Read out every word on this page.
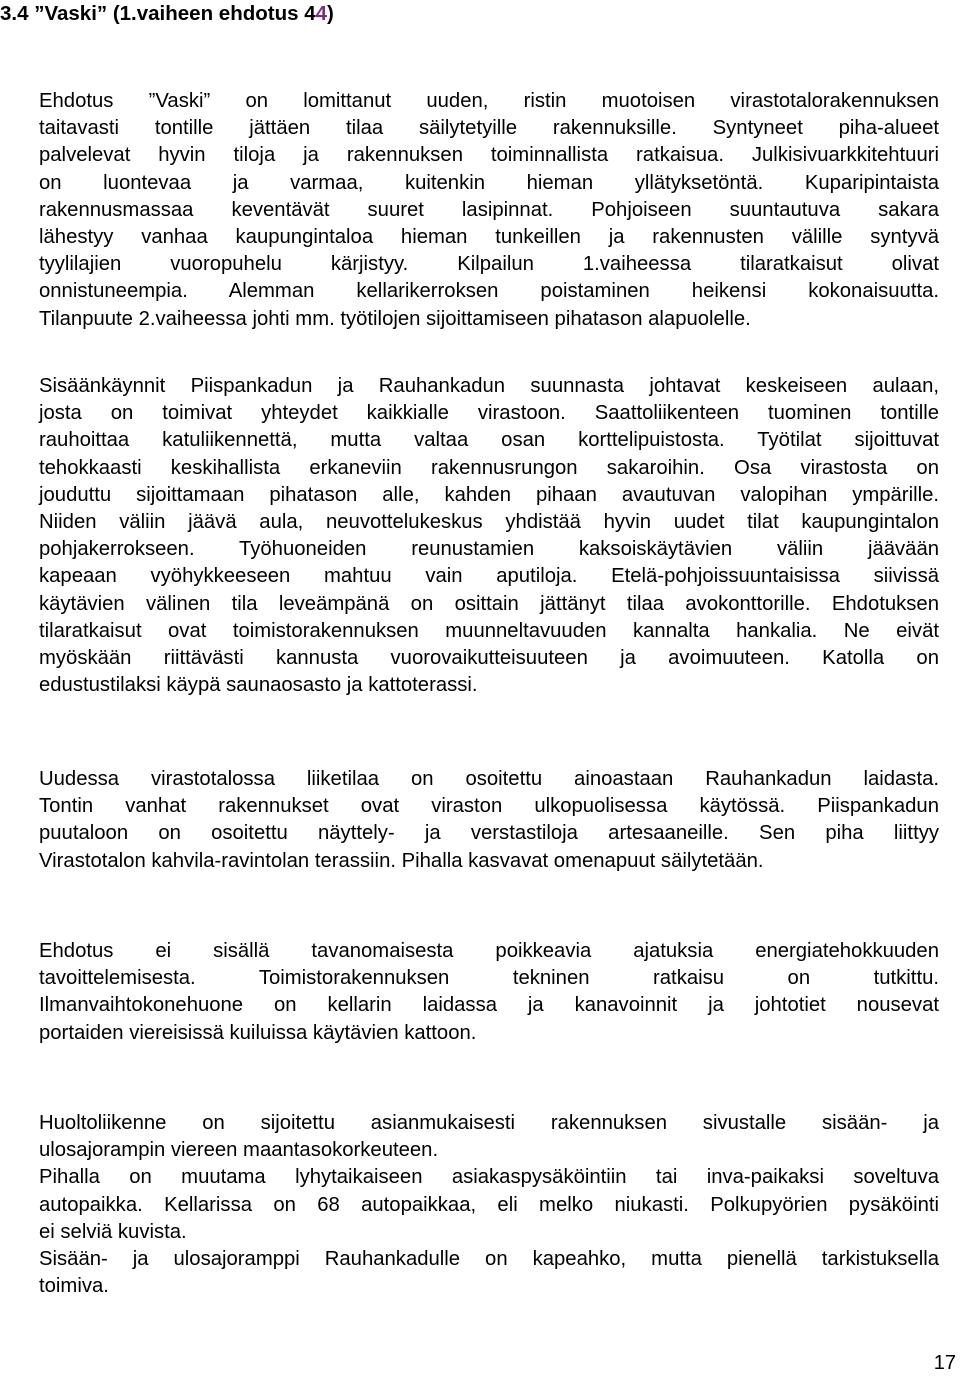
3.4 ”Vaski” (1.vaiheen ehdotus 44)
Ehdotus ”Vaski” on lomittanut uuden, ristin muotoisen virastotalorakennuksen
taitavasti tontille jättäen tilaa säilytetyille rakennuksille. Syntyneet piha-alueet
palvelevat hyvin tiloja ja rakennuksen toiminnallista ratkaisua. Julkisivuarkkitehtuuri
on luontevaa ja varmaa, kuitenkin hieman yllätyksetöntä. Kuparipintaista
rakennusmassaa keventävät suuret lasipinnat. Pohjoiseen suuntautuva sakara
lähestyy vanhaa kaupungintaloa hieman tunkeillen ja rakennusten välille syntyvä
tyylilajien vuoropuhelu kärjistyy. Kilpailun 1.vaiheessa tilaratkaisut olivat
onnistuneempia. Alemman kellarikerroksen poistaminen heikensi kokonaisuutta.
Tilanpuute 2.vaiheessa johti mm. työtilojen sijoittamiseen pihatason alapuolelle.
Sisäänkäynnit Piispankadun ja Rauhankadun suunnasta johtavat keskeiseen aulaan,
josta on toimivat yhteydet kaikkialle virastoon. Saattoliikenteen tuominen tontille
rauhoittaa katuliikennettä, mutta valtaa osan korttelipuistosta. Työtilat sijoittuvat
tehokkaasti keskihallista erkaneviin rakennusrungon sakaroihin. Osa virastosta on
jouduttu sijoittamaan pihatason alle, kahden pihaan avautuvan valopihan ympärille.
Niiden väliin jäävä aula, neuvottelukeskus yhdistää hyvin uudet tilat kaupungintalon
pohjakerrokseen. Työhuoneiden reunustamien kaksoiskäytävien väliin jäävään
kapeaan vyöhykkeeseen mahtuu vain aputiloja. Etelä-pohjoissuuntaisissa siivissä
käytävien välinen tila leveämpänä on osittain jättänyt tilaa avokonttorille. Ehdotuksen
tilaratkaisut ovat toimistorakennuksen muunneltavuuden kannalta hankalia. Ne eivät
myöskään riittävästi kannusta vuorovaikutteisuuteen ja avoimuuteen. Katolla on
edustustilaksi käypä saunaosasto ja kattoterassi.
Uudessa virastotalossa liiketilaa on osoitettu ainoastaan Rauhankadun laidasta.
Tontin vanhat rakennukset ovat viraston ulkopuolisessa käytössä. Piispankadun
puutaloon on osoitettu näyttely- ja verstastiloja artesaaneille. Sen piha liittyy
Virastotalon kahvila-ravintolan terassiin. Pihalla kasvavat omenapuut säilytetään.
Ehdotus ei sisällä tavanomaisesta poikkeavia ajatuksia energiatehokkuuden
tavoittelemisesta. Toimistorakennuksen tekninen ratkaisu on tutkittu.
Ilmanvaihtokonehuone on kellarin laidassa ja kanavoinnit ja johtotiet nousevat
portaiden viereisissä kuiluissa käytävien kattoon.
Huoltoliikenne on sijoitettu asianmukaisesti rakennuksen sivustalle sisään- ja
ulosajorampin viereen maantasokorkeuteen.
Pihalla on muutama lyhytaikaiseen asiakaspysäköintiin tai inva-paikaksi soveltuva
autopaikka. Kellarissa on 68 autopaikkaa, eli melko niukasti. Polkupyörien pysäköinti
ei selviä kuvista.
Sisään- ja ulosajoramppi Rauhankadulle on kapeahko, mutta pienellä tarkistuksella
toimiva.
17
